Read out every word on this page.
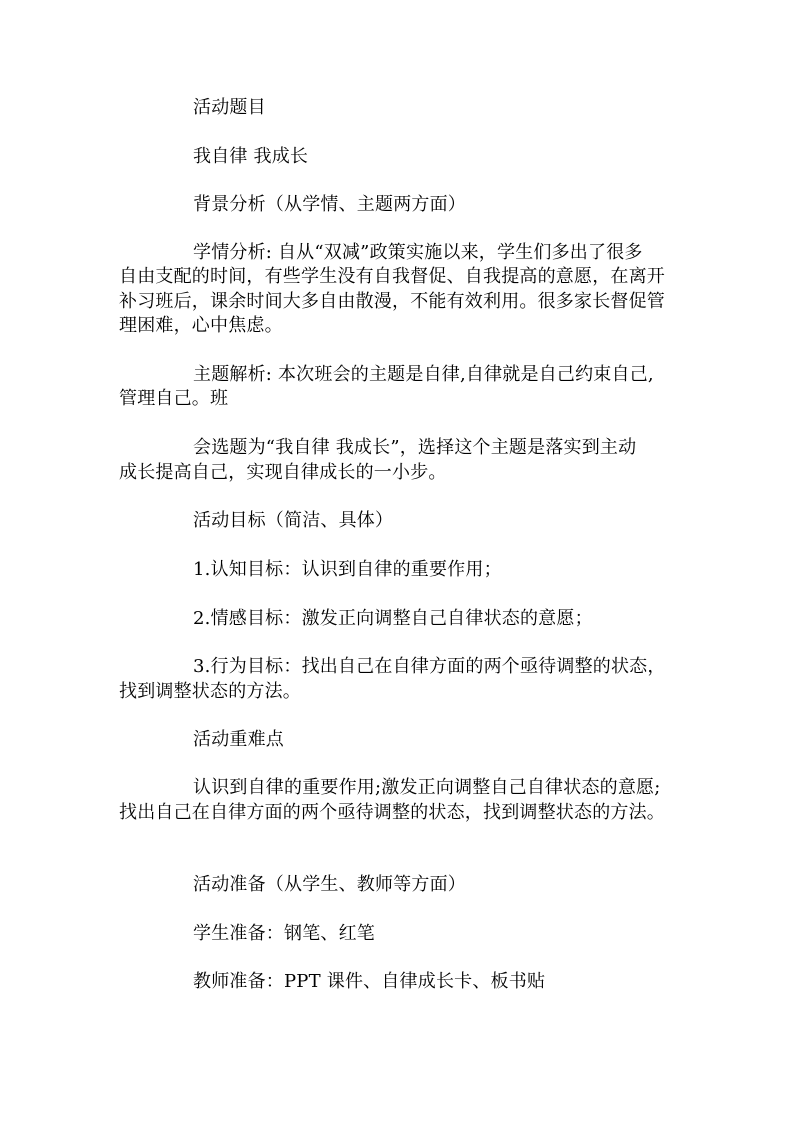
活动题目
我自律 我成长
背景分析（从学情、主题两方面）
学情分析: 自从“双减”政策实施以来，学生们多出了很多
自由支配的时间，有些学生没有自我督促、自我提高的意愿，在离开
补习班后，课余时间大多自由散漫，不能有效利用。很多家长督促管
理困难，心中焦虑。
主题解析: 本次班会的主题是自律,自律就是自己约束自己,
管理自己。班
会选题为“我自律 我成长”，选择这个主题是落实到主动
成长提高自己，实现自律成长的一小步。
活动目标（简洁、具体）
1.认知目标：认识到自律的重要作用；
2.情感目标：激发正向调整自己自律状态的意愿；
3.行为目标：找出自己在自律方面的两个亟待调整的状态，
找到调整状态的方法。
活动重难点
认识到自律的重要作用;激发正向调整自己自律状态的意愿;
找出自己在自律方面的两个亟待调整的状态，找到调整状态的方法。
活动准备（从学生、教师等方面）
学生准备：钢笔、红笔
教师准备：PPT 课件、自律成长卡、板书贴
